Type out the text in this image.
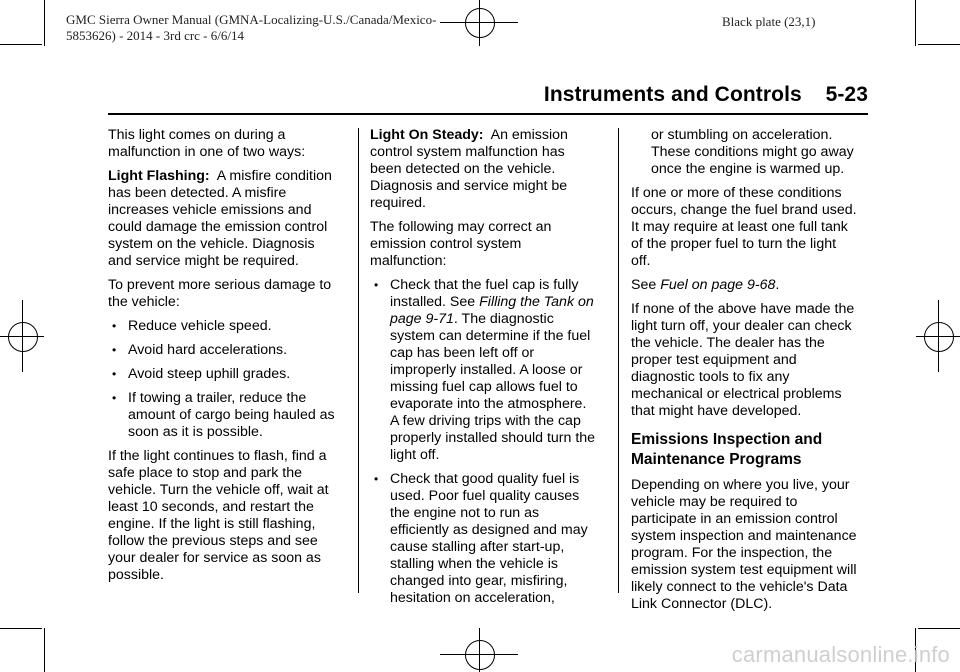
GMC Sierra Owner Manual (GMNA-Localizing-U.S./Canada/Mexico-
5853626) - 2014 - 3rd crc - 6/6/14
Black plate (23,1)
Instruments and Controls 5-23

This light comes on during a malfunction in one of two ways:

Light Flashing: A misfire condition has been detected. A misfire increases vehicle emissions and could damage the emission control system on the vehicle. Diagnosis and service might be required.

To prevent more serious damage to the vehicle:

• Reduce vehicle speed.
• Avoid hard accelerations.
• Avoid steep uphill grades.
• If towing a trailer, reduce the amount of cargo being hauled as soon as it is possible.

If the light continues to flash, find a safe place to stop and park the vehicle. Turn the vehicle off, wait at least 10 seconds, and restart the engine. If the light is still flashing, follow the previous steps and see your dealer for service as soon as possible.

Light On Steady: An emission control system malfunction has been detected on the vehicle. Diagnosis and service might be required.

The following may correct an emission control system malfunction:

• Check that the fuel cap is fully installed. See Filling the Tank on page 9-71. The diagnostic system can determine if the fuel cap has been left off or improperly installed. A loose or missing fuel cap allows fuel to evaporate into the atmosphere. A few driving trips with the cap properly installed should turn the light off.
• Check that good quality fuel is used. Poor fuel quality causes the engine not to run as efficiently as designed and may cause stalling after start-up, stalling when the vehicle is changed into gear, misfiring, hesitation on acceleration,
or stumbling on acceleration. These conditions might go away once the engine is warmed up.

If one or more of these conditions occurs, change the fuel brand used. It may require at least one full tank of the proper fuel to turn the light off.

See Fuel on page 9-68.

If none of the above have made the light turn off, your dealer can check the vehicle. The dealer has the proper test equipment and diagnostic tools to fix any mechanical or electrical problems that might have developed.

Emissions Inspection and Maintenance Programs

Depending on where you live, your vehicle may be required to participate in an emission control system inspection and maintenance program. For the inspection, the emission system test equipment will likely connect to the vehicle's Data Link Connector (DLC).

carmanualsonline.info
